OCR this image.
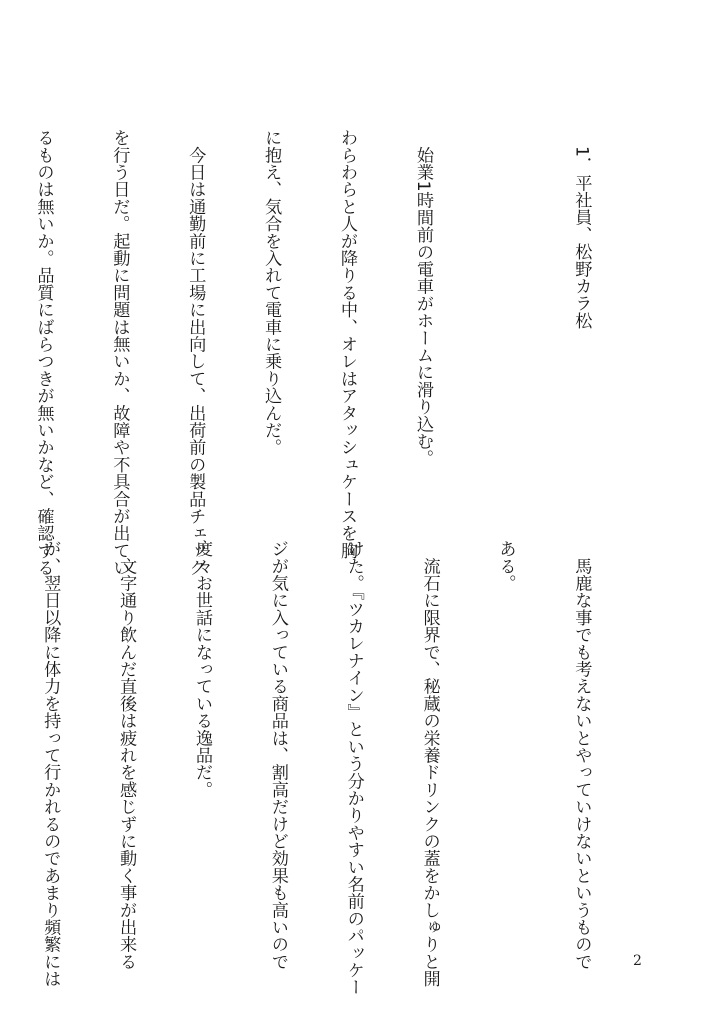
1．平社員、松野カラ松

　始業1時間前の電車がホームに滑り込む。

わらわらと人が降りる中、オレはアタッシュケースを胸

に抱え、気合を入れて電車に乗り込んだ。

　今日は通勤前に工場に出向して、出荷前の製品チェック

を行う日だ。起動に問題は無いか、故障や不具合が出てい

るものは無いか。品質にばらつきが無いかなど、確認する

　馬鹿な事でも考えないとやっていけないというもので

ある。

　流石に限界で、秘蔵の栄養ドリンクの蓋をかしゅりと開

けた。『ツカレナイン』という分かりやすい名前のパッケー

ジが気に入っている商品は、割高だけど効果も高いので

度々お世話になっている逸品だ。

　文字通り飲んだ直後は疲れを感じずに動く事が出来る

が、翌日以降に体力を持って行かれるのであまり頻繁には

	2
